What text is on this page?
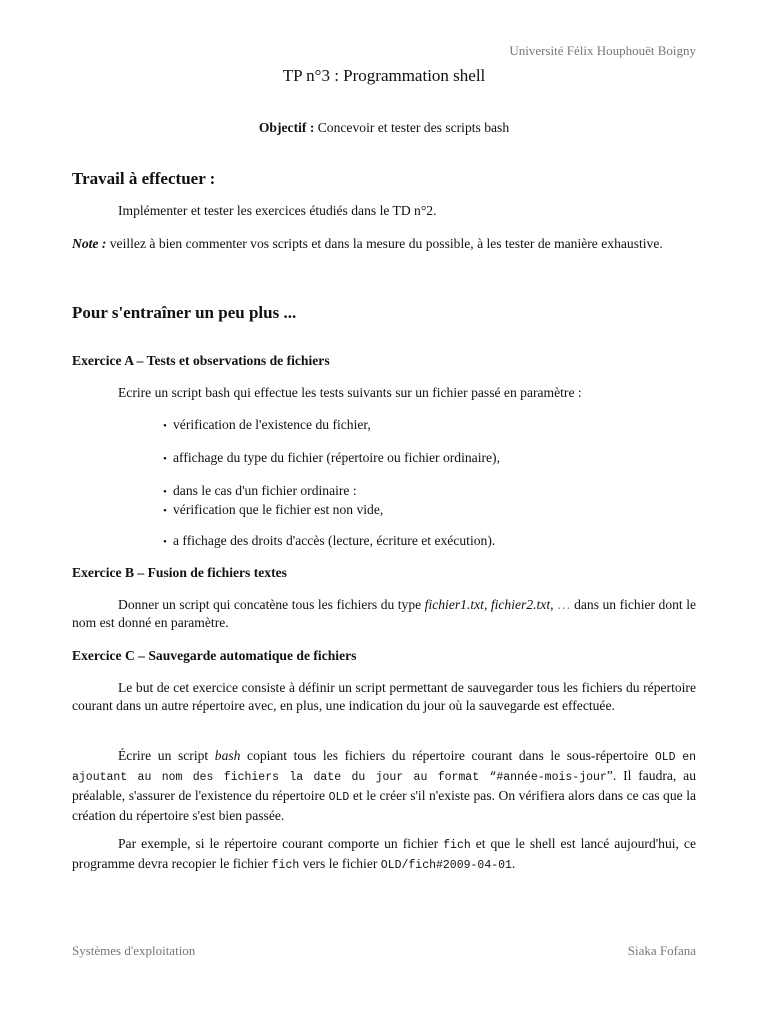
Université Félix Houphouët Boigny
TP n°3 : Programmation shell
Objectif : Concevoir et tester des scripts bash
Travail à effectuer :
Implémenter et tester les exercices étudiés dans le TD n°2.
Note : veillez à bien commenter vos scripts et dans la mesure du possible, à les tester de manière exhaustive.
Pour s'entraîner un peu plus ...
Exercice A – Tests et observations de fichiers
Ecrire un script bash qui effectue les tests suivants sur un fichier passé en paramètre :
• vérification de l'existence du fichier,
• affichage du type du fichier (répertoire ou fichier ordinaire),
• dans le cas d'un fichier ordinaire :
• vérification que le fichier est non vide,
• a ffichage des droits d'accès (lecture, écriture et exécution).
Exercice B – Fusion de fichiers textes
Donner un script qui concatène tous les fichiers du type fichier1.txt, fichier2.txt, … dans un fichier dont le nom est donné en paramètre.
Exercice C – Sauvegarde automatique de fichiers
Le but de cet exercice consiste à définir un script permettant de sauvegarder tous les fichiers du répertoire courant dans un autre répertoire avec, en plus, une indication du jour où la sauvegarde est effectuée.
Écrire un script bash copiant tous les fichiers du répertoire courant dans le sous-répertoire OLD en ajoutant au nom des fichiers la date du jour au format “#année-mois-jour”. Il faudra, au préalable, s'assurer de l'existence du répertoire OLD et le créer s'il n'existe pas. On vérifiera alors dans ce cas que la création du répertoire s'est bien passée.
Par exemple, si le répertoire courant comporte un fichier fich et que le shell est lancé aujourd'hui, ce programme devra recopier le fichier fich vers le fichier OLD/fich#2009-04-01.
Systèmes d'exploitation	Siaka Fofana
